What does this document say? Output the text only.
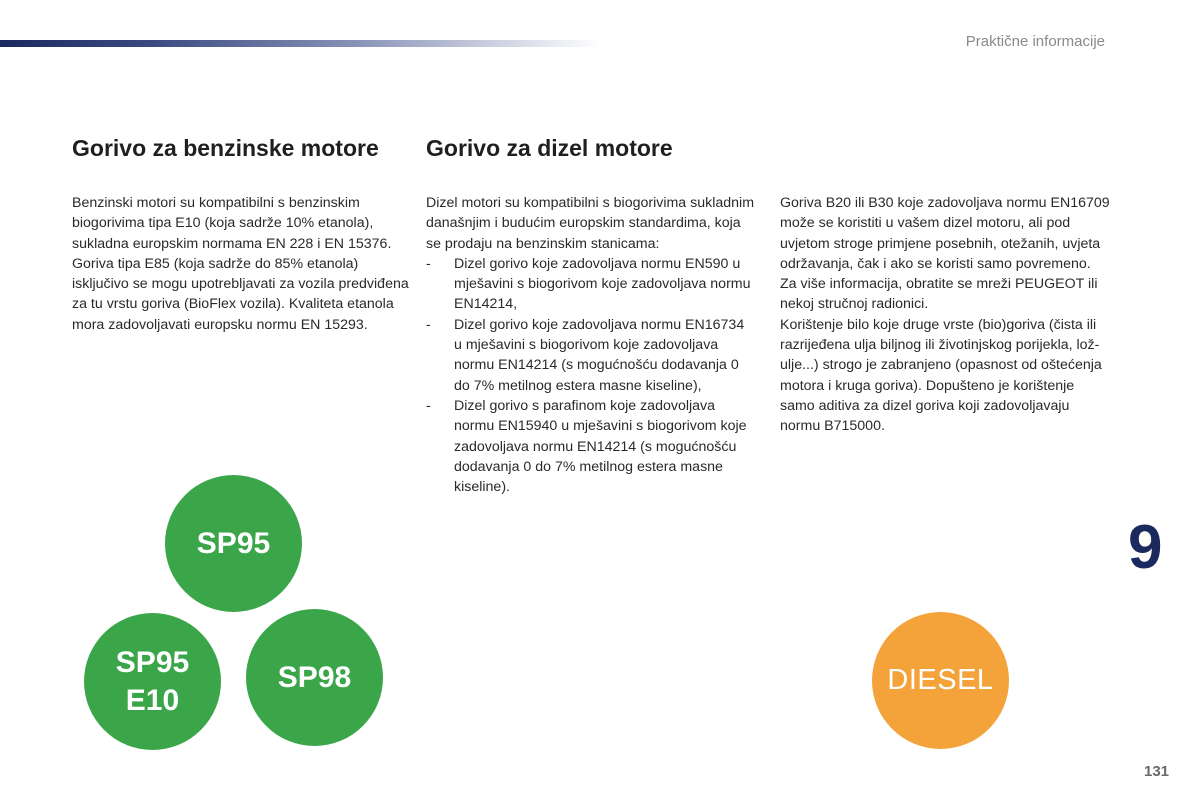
Praktične informacije
Gorivo za benzinske motore Gorivo za dizel motore

Benzinski motori su kompatibilni s benzinskim biogorivima tipa E10 (koja sadrže 10% etanola), sukladna europskim normama EN 228 i EN 15376.

Goriva tipa E85 (koja sadrže do 85% etanola) isključivo se mogu upotrebljavati za vozila predviđena za tu vrstu goriva (BioFlex vozila). Kvaliteta etanola mora zadovoljavati europsku normu EN 15293.

Dizel motori su kompatibilni s biogorivima sukladnim današnjim i budućim europskim standardima, koja se prodaju na benzinskim stanicama:

- Dizel gorivo koje zadovoljava normu EN590 u mješavini s biogorivom koje zadovoljava normu EN14214,
- Dizel gorivo koje zadovoljava normu EN16734 u mješavini s biogorivom koje zadovoljava normu EN14214 (s mogućnošću dodavanja 0 do 7% metilnog estera masne kiseline),
- Dizel gorivo s parafinom koje zadovoljava normu EN15940 u mješavini s biogorivom koje zadovoljava normu EN14214 (s mogućnošću dodavanja 0 do 7% metilnog estera masne kiseline).

Goriva B20 ili B30 koje zadovoljava normu EN16709 može se koristiti u vašem dizel motoru, ali pod uvjetom stroge primjene posebnih, otežanih, uvjeta održavanja, čak i ako se koristi samo povremeno. Za više informacija, obratite se mreži PEUGEOT ili nekoj stručnoj radionici.

Korištenje bilo koje druge vrste (bio)goriva (čista ili razrijeđena ulja biljnog ili životinjskog porijekla, lož-ulje...) strogo je zabranjeno (opasnost od oštećenja motora i kruga goriva). Dopušteno je korištenje samo aditiva za dizel goriva koji zadovoljavaju normu B715000.

SP95
SP95
E10
SP98	DIESEL
9
131
